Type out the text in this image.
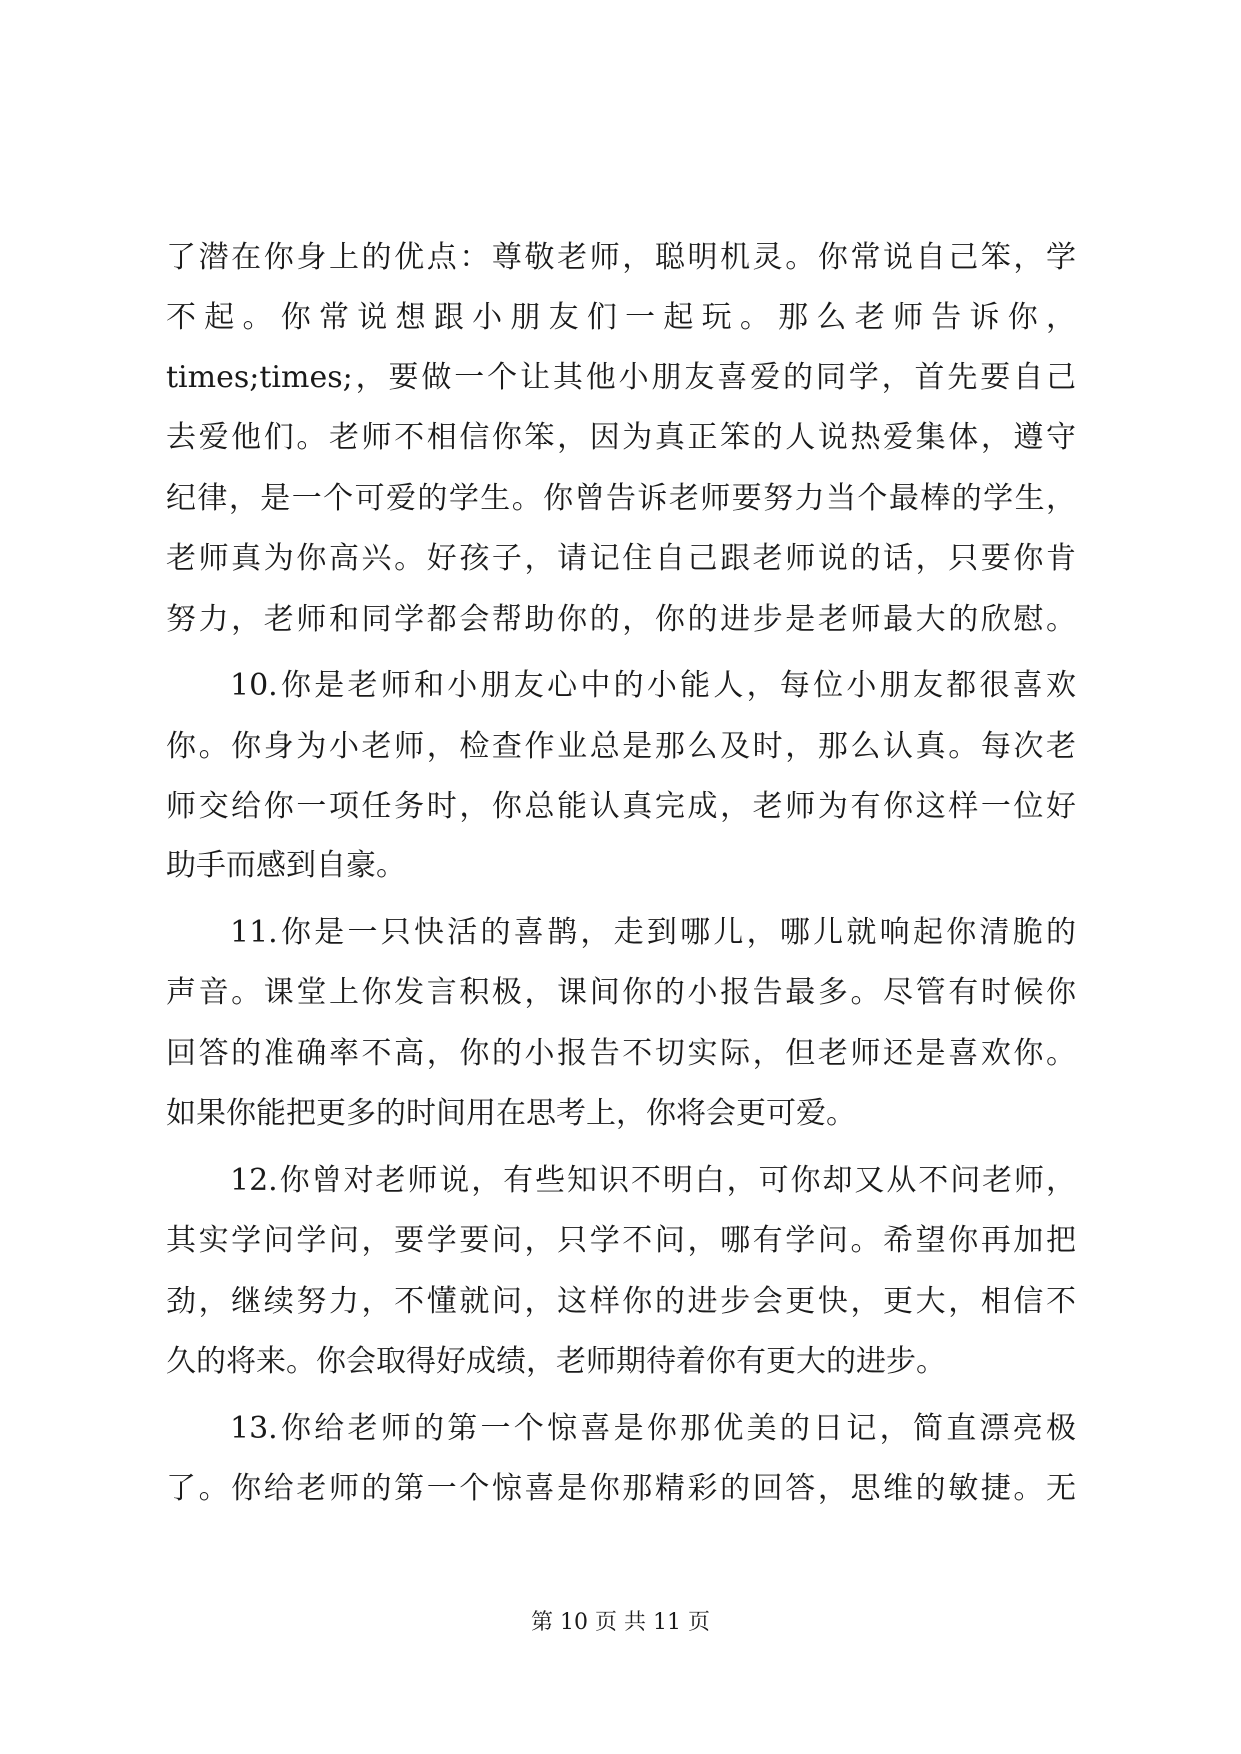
了潜在你身上的优点：尊敬老师，聪明机灵。你常说自己笨，学
不起。你常说想跟小朋友们一起玩。那么老师告诉你，
times;times;，要做一个让其他小朋友喜爱的同学，首先要自己
去爱他们。老师不相信你笨，因为真正笨的人说热爱集体，遵守
纪律，是一个可爱的学生。你曾告诉老师要努力当个最棒的学生，
老师真为你高兴。好孩子，请记住自己跟老师说的话，只要你肯
努力，老师和同学都会帮助你的，你的进步是老师最大的欣慰。
10.你是老师和小朋友心中的小能人，每位小朋友都很喜欢
你。你身为小老师，检查作业总是那么及时，那么认真。每次老
师交给你一项任务时，你总能认真完成，老师为有你这样一位好
助手而感到自豪。
11.你是一只快活的喜鹊，走到哪儿，哪儿就响起你清脆的
声音。课堂上你发言积极，课间你的小报告最多。尽管有时候你
回答的准确率不高，你的小报告不切实际，但老师还是喜欢你。
如果你能把更多的时间用在思考上，你将会更可爱。
12.你曾对老师说，有些知识不明白，可你却又从不问老师，
其实学问学问，要学要问，只学不问，哪有学问。希望你再加把
劲，继续努力，不懂就问，这样你的进步会更快，更大，相信不
久的将来。你会取得好成绩，老师期待着你有更大的进步。
13.你给老师的第一个惊喜是你那优美的日记，简直漂亮极
了。你给老师的第一个惊喜是你那精彩的回答，思维的敏捷。无
第 10 页 共 11 页
